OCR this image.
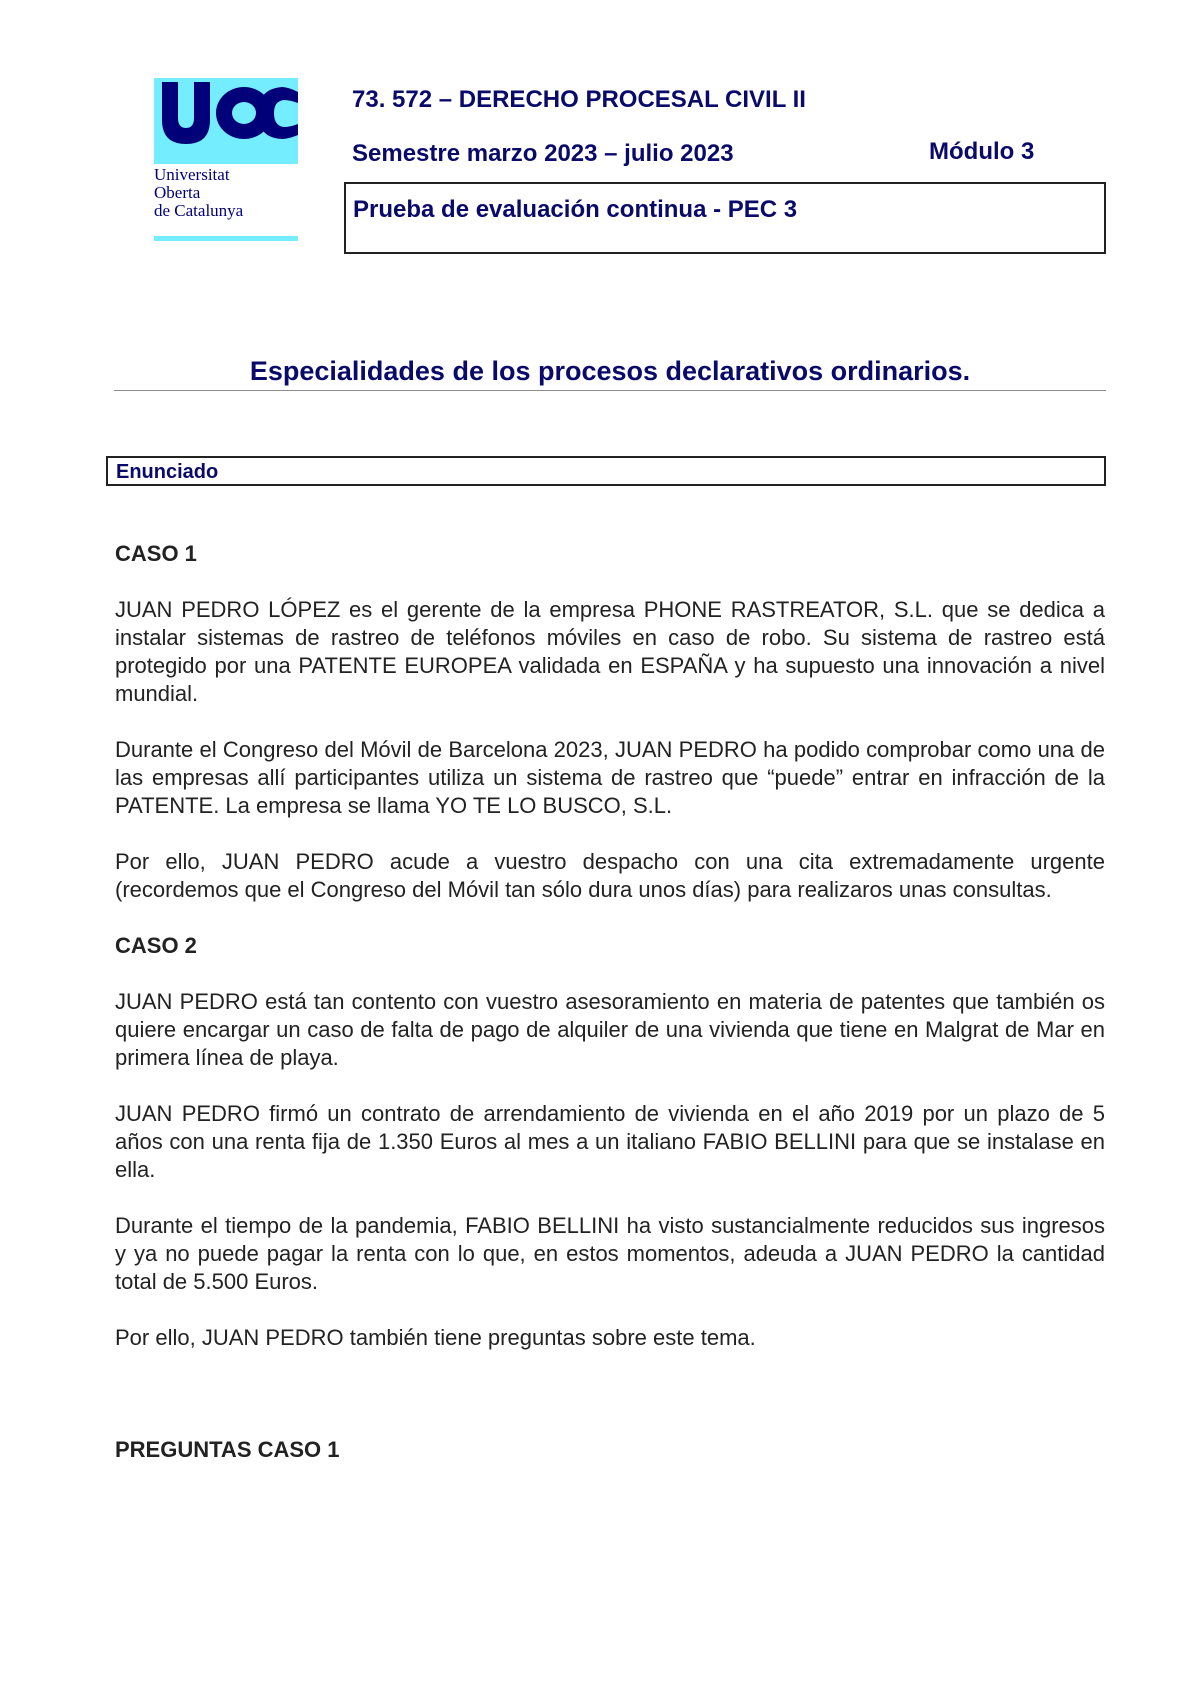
Universitat
Oberta
de Catalunya
73. 572 – DERECHO PROCESAL CIVIL II
Semestre marzo 2023 – julio 2023	Módulo 3
Prueba de evaluación continua - PEC 3
Especialidades de los procesos declarativos ordinarios.
Enunciado
CASO 1

JUAN PEDRO LÓPEZ es el gerente de la empresa PHONE RASTREATOR, S.L. que se dedica a instalar sistemas de rastreo de teléfonos móviles en caso de robo. Su sistema de rastreo está protegido por una PATENTE EUROPEA validada en ESPAÑA y ha supuesto una innovación a nivel mundial.

Durante el Congreso del Móvil de Barcelona 2023, JUAN PEDRO ha podido comprobar como una de las empresas allí participantes utiliza un sistema de rastreo que “puede” entrar en infracción de la PATENTE. La empresa se llama YO TE LO BUSCO, S.L.

Por ello, JUAN PEDRO acude a vuestro despacho con una cita extremadamente urgente (recordemos que el Congreso del Móvil tan sólo dura unos días) para realizaros unas consultas.

CASO 2

JUAN PEDRO está tan contento con vuestro asesoramiento en materia de patentes que también os quiere encargar un caso de falta de pago de alquiler de una vivienda que tiene en Malgrat de Mar en primera línea de playa.

JUAN PEDRO firmó un contrato de arrendamiento de vivienda en el año 2019 por un plazo de 5 años con una renta fija de 1.350 Euros al mes a un italiano FABIO BELLINI para que se instalase en ella.

Durante el tiempo de la pandemia, FABIO BELLINI ha visto sustancialmente reducidos sus ingresos y ya no puede pagar la renta con lo que, en estos momentos, adeuda a JUAN PEDRO la cantidad total de 5.500 Euros.

Por ello, JUAN PEDRO también tiene preguntas sobre este tema.

PREGUNTAS CASO 1
